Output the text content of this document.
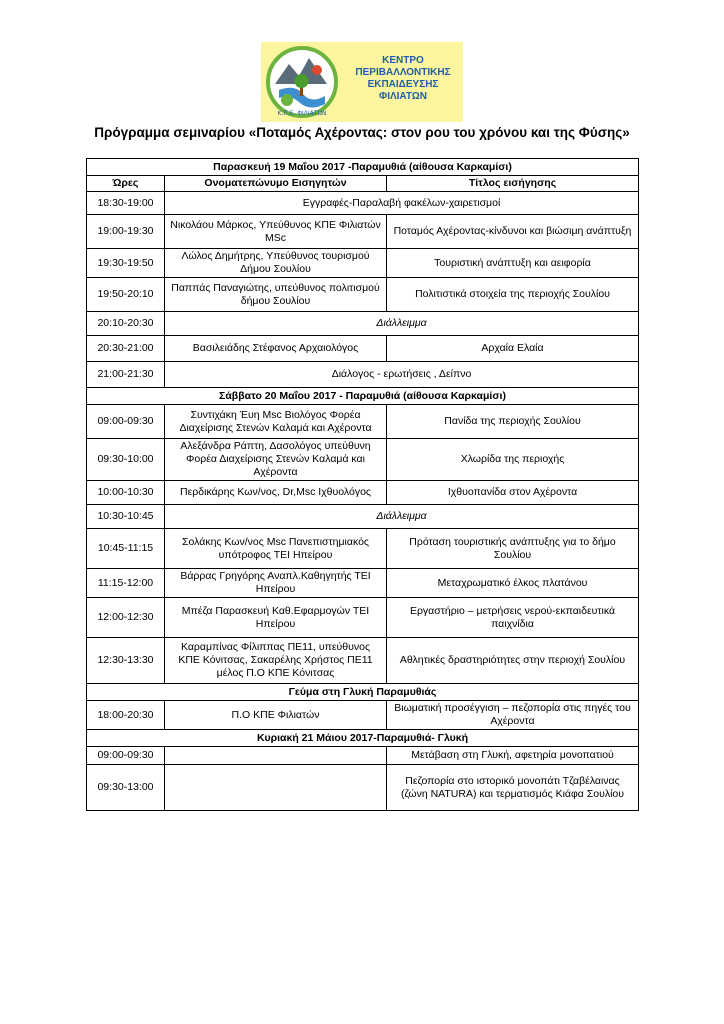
Κ.Π.Ε. ΦΙΛΙΑΤΩΝ
ΚΕΝΤΡΟ
ΠΕΡΙΒΑΛΛΟΝΤΙΚΗΣ
ΕΚΠΑΙΔΕΥΣΗΣ ΦΙΛΙΑΤΩΝ
Πρόγραμμα σεμιναρίου «Ποταμός Αχέροντας: στον ρου του χρόνου και της Φύσης»
Παρασκευή 19 Μαΐου 2017 -Παραμυθιά (αίθουσα Καρκαμίσι)		
Ώρες	Ονοματεπώνυμο Εισηγητών	Τίτλος εισήγησης
18:30-19:00	Εγγραφές-Παραλαβή φακέλων-χαιρετισμοί	
19:00-19:30	Νικολάου Μάρκος, Υπεύθυνος ΚΠΕ Φιλιατών MSc	Ποταμός Αχέροντας-κίνδυνοι και βιώσιμη ανάπτυξη
19:30-19:50	Λώλος Δημήτρης, Υπεύθυνος τουρισμού Δήμου Σουλίου	Τουριστική ανάπτυξη και αειφορία
19:50-20:10	Παππάς Παναγιώτης, υπεύθυνος πολιτισμού δήμου Σουλίου	Πολιτιστικά στοιχεία της περιοχής Σουλίου
20:10-20:30	Διάλλειμμα	
20:30-21:00	Βασιλειάδης Στέφανος Αρχαιολόγος	Αρχαία Ελαία
21:00-21:30	Διάλογος - ερωτήσεις , Δείπνο	
Σάββατο 20 Μαΐου 2017 - Παραμυθιά (αίθουσα Καρκαμίσι)		
09:00-09:30	Συντιχάκη Έυη Msc Βιολόγος Φορέα Διαχείρισης Στενών Καλαμά και Αχέροντα	Πανίδα της περιοχής Σουλίου
09:30-10:00	Αλεξάνδρα Ράπτη, Δασολόγος υπεύθυνη Φορέα Διαχείρισης Στενών Καλαμά και Αχέροντα	Χλωρίδα της περιοχής
10:00-10:30	Περδικάρης Κων/νος, Dr,Msc Ιχθυολόγος	Ιχθυοπανίδα στον Αχέροντα
10:30-10:45	Διάλλειμμα	
10:45-11:15	Σολάκης Κων/νος Msc Πανεπιστημιακός υπότροφος ΤΕΙ Ηπείρου	Πρόταση τουριστικής ανάπτυξης για το δήμο Σουλίου
11:15-12:00	Βάρρας Γρηγόρης Αναπλ.Καθηγητής ΤΕΙ Ηπείρου	Μεταχρωματικό έλκος πλατάνου
12:00-12:30	Μπέζα Παρασκευή Καθ.Εφαρμογών ΤΕΙ Ηπείρου	Εργαστήριο – μετρήσεις νερού-εκπαιδευτικά παιχνίδια
12:30-13:30	Καραμπίνας Φίλιππας ΠΕ11, υπεύθυνος ΚΠΕ Κόνιτσας, Σακαρέλης Χρήστος ΠΕ11 μέλος Π.Ο ΚΠΕ Κόνιτσας	Αθλητικές δραστηριότητες στην περιοχή Σουλίου
Γεύμα στη Γλυκή Παραμυθιάς		
18:00-20:30	Π.Ο ΚΠΕ Φιλιατών	Βιωματική προσέγγιση – πεζοπορία στις πηγές του Αχέροντα
Κυριακή 21 Μάιου 2017-Παραμυθιά- Γλυκή		
09:00-09:30		Μετάβαση στη Γλυκή, αφετηρία μονοπατιού
09:30-13:00		Πεζοπορία στο ιστορικό μονοπάτι Τζαβέλαινας (ζώνη NATURA) και τερματισμός Κιάφα Σουλίου
